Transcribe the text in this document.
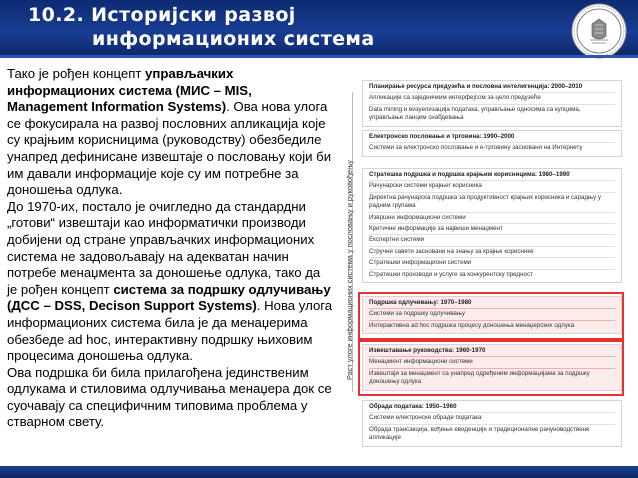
10.2. Историјски развој
информационих система

Тако је рођен концепт управљачких информационих система (МИС – MIS, Management Information Systems). Ова нова улога се фокусирала на развој пословних апликација које су крајњим корисницима (руководству) обезбедиле унапред дефинисане извештаје о пословању који би им давали информације које су им потребне за доношења одлука.

До 1970-их, постало је очигледно да стандардни „готови“ извештаји као информатички производи добијени од стране управљачких информационих система не задовољавају на адекватан начин потребе менаџмента за доношење одлука, тако да је рођен концепт система за подршку одлучивању (ДСС – DSS, Decison Support Systems). Нова улога информационих система била је да менаџерима обезбеде ad hoc, интерактивну подршку њиховим процесима доношења одлука.

Ова подршка би била прилагођена јединственим одлукама и стиловима одлучивања менаџера док се суочавају са специфичним типовима проблема у стварном свету.

Раст улоге информационих система у пословању и руковођењу
Планирање ресурса предузећа и пословна интелигенција: 2000–2010
Апликације са заједничким интерфејсом за цело предузеће
Data mining и визуелизација података, управљање односима са купцима, управљање ланцем снабдевања
Електронско пословање и трговина: 1990–2000
Системи за електронско пословање и е-трговину засновани на Интернету
Стратешка подршка и подршка крајњим корисницима: 1980–1990
Рачунарски системи крајњег корисника
Директна рачунарска подршка за продуктивност крајњих корисника и сарадњу у радним групама
Извршни информациони системи
Критичне информације за највиши менаџмент
Експертни системи
Стручни савети засновани на знању за крајње кориснике
Стратешки информациони системи
Стратешки производи и услуге за конкурентску предност
Подршка одлучивању: 1970–1980
Системи за подршку одлучивању
Интерактивна ad hoc подршка процесу доношења менаџерских одлука
Извештавање руководства: 1960-1970
Менаџмент информациони системи
Извештаји за менаџмент са унапред одређеним информацијама за подршку доношењу одлука
Обрада података: 1950–1960
Системи електронске обраде података
Обрада трансакција, вођење евиденције и традиционалне рачуноводствене апликације
